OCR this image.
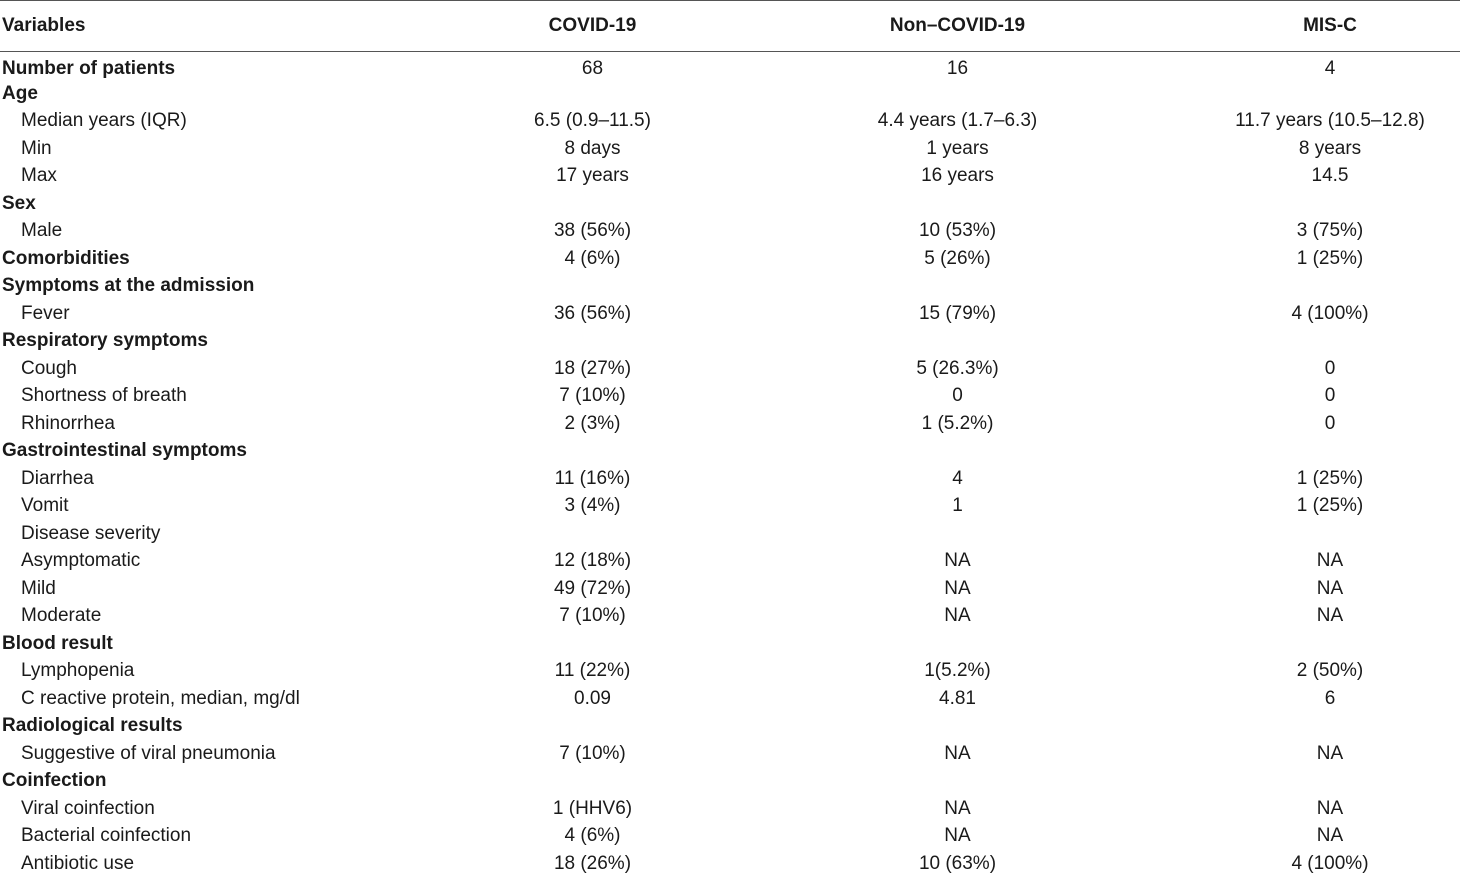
Variables	COVID-19	Non–COVID-19	MIS-C
Number of patients	68	16	4
Age			
Median years (IQR)	6.5 (0.9–11.5)	4.4 years (1.7–6.3)	11.7 years (10.5–12.8)
Min	8 days	1 years	8 years
Max	17 years	16 years	14.5
Sex			
Male	38 (56%)	10 (53%)	3 (75%)
Comorbidities	4 (6%)	5 (26%)	1 (25%)
Symptoms at the admission			
Fever	36 (56%)	15 (79%)	4 (100%)
Respiratory symptoms			
Cough	18 (27%)	5 (26.3%)	0
Shortness of breath	7 (10%)	0	0
Rhinorrhea	2 (3%)	1 (5.2%)	0
Gastrointestinal symptoms			
Diarrhea	11 (16%)	4	1 (25%)
Vomit	3 (4%)	1	1 (25%)
Disease severity			
Asymptomatic	12 (18%)	NA	NA
Mild	49 (72%)	NA	NA
Moderate	7 (10%)	NA	NA
Blood result			
Lymphopenia	11 (22%)	1(5.2%)	2 (50%)
C reactive protein, median, mg/dl	0.09	4.81	6
Radiological results			
Suggestive of viral pneumonia	7 (10%)	NA	NA
Coinfection			
Viral coinfection	1 (HHV6)	NA	NA
Bacterial coinfection	4 (6%)	NA	NA
Antibiotic use	18 (26%)	10 (63%)	4 (100%)
